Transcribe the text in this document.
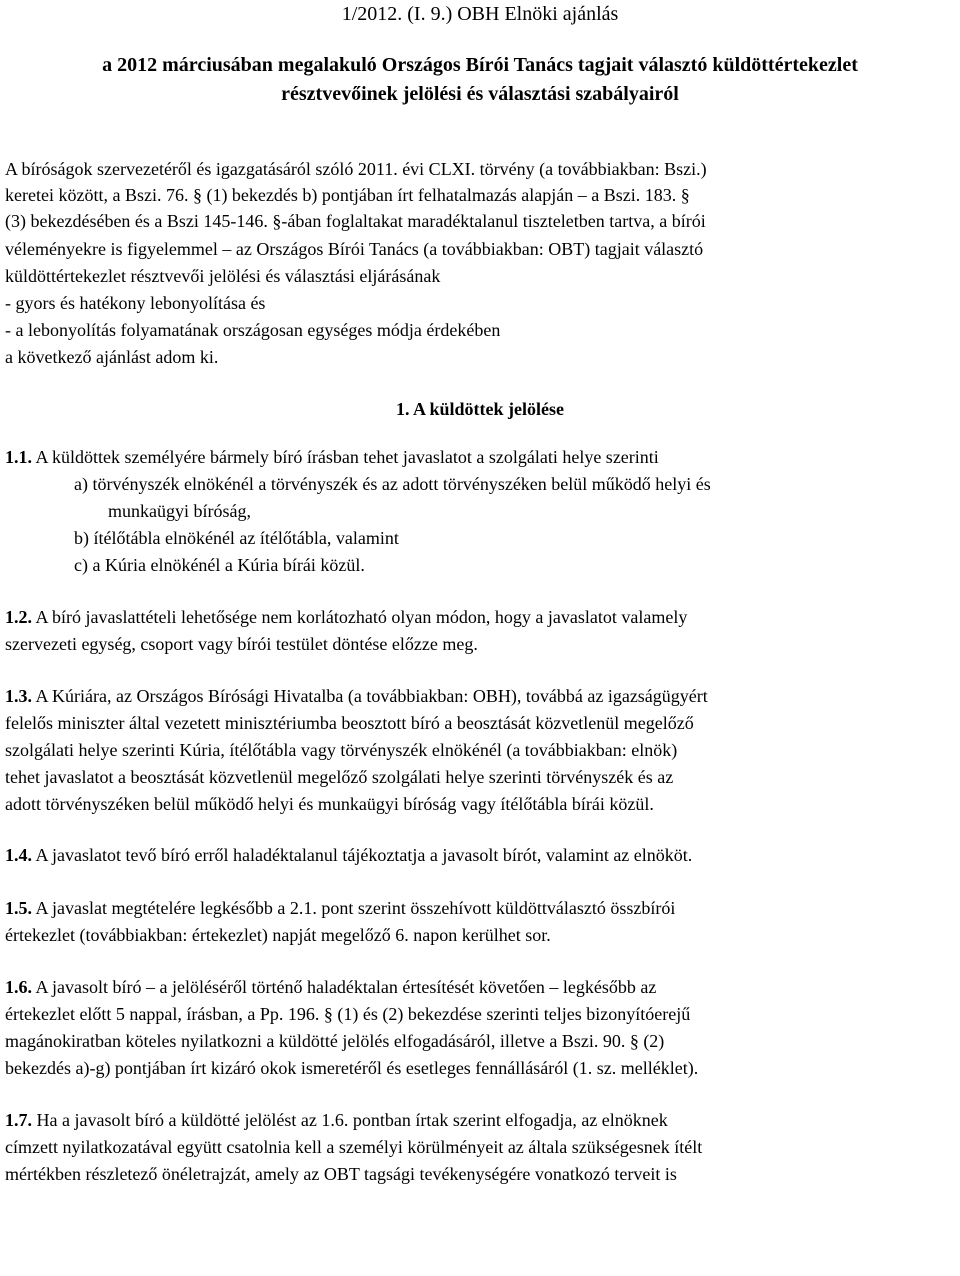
1/2012. (I. 9.) OBH Elnöki ajánlás
a 2012 márciusában megalakuló Országos Bírói Tanács tagjait választó küldöttértekezlet
résztvevőinek jelölési és választási szabályairól
A bíróságok szervezetéről és igazgatásáról szóló 2011. évi CLXI. törvény (a továbbiakban: Bszi.)
keretei között, a Bszi. 76. § (1) bekezdés b) pontjában írt felhatalmazás alapján – a Bszi. 183. §
(3) bekezdésében és a Bszi 145-146. §-ában foglaltakat maradéktalanul tiszteletben tartva, a bírói
véleményekre is figyelemmel – az Országos Bírói Tanács (a továbbiakban: OBT) tagjait választó
küldöttértekezlet résztvevői jelölési és választási eljárásának
- gyors és hatékony lebonyolítása és
- a lebonyolítás folyamatának országosan egységes módja érdekében
a következő ajánlást adom ki.
1. A küldöttek jelölése
1.1. A küldöttek személyére bármely bíró írásban tehet javaslatot a szolgálati helye szerinti
a) törvényszék elnökénél a törvényszék és az adott törvényszéken belül működő helyi és
munkaügyi bíróság,
b) ítélőtábla elnökénél az ítélőtábla, valamint
c) a Kúria elnökénél a Kúria bírái közül.
1.2. A bíró javaslattételi lehetősége nem korlátozható olyan módon, hogy a javaslatot valamely
szervezeti egység, csoport vagy bírói testület döntése előzze meg.
1.3. A Kúriára, az Országos Bírósági Hivatalba (a továbbiakban: OBH), továbbá az igazságügyért
felelős miniszter által vezetett minisztériumba beosztott bíró a beosztását közvetlenül megelőző
szolgálati helye szerinti Kúria, ítélőtábla vagy törvényszék elnökénél (a továbbiakban: elnök)
tehet javaslatot a beosztását közvetlenül megelőző szolgálati helye szerinti törvényszék és az
adott törvényszéken belül működő helyi és munkaügyi bíróság vagy ítélőtábla bírái közül.
1.4. A javaslatot tevő bíró erről haladéktalanul tájékoztatja a javasolt bírót, valamint az elnököt.
1.5. A javaslat megtételére legkésőbb a 2.1. pont szerint összehívott küldöttválasztó összbírói
értekezlet (továbbiakban: értekezlet) napját megelőző 6. napon kerülhet sor.
1.6. A javasolt bíró – a jelöléséről történő haladéktalan értesítését követően – legkésőbb az
értekezlet előtt 5 nappal, írásban, a Pp. 196. § (1) és (2) bekezdése szerinti teljes bizonyítóerejű
magánokiratban köteles nyilatkozni a küldötté jelölés elfogadásáról, illetve a Bszi. 90. § (2)
bekezdés a)-g) pontjában írt kizáró okok ismeretéről és esetleges fennállásáról (1. sz. melléklet).
1.7. Ha a javasolt bíró a küldötté jelölést az 1.6. pontban írtak szerint elfogadja, az elnöknek
címzett nyilatkozatával együtt csatolnia kell a személyi körülményeit az általa szükségesnek ítélt
mértékben részletező önéletrajzát, amely az OBT tagsági tevékenységére vonatkozó terveit is
